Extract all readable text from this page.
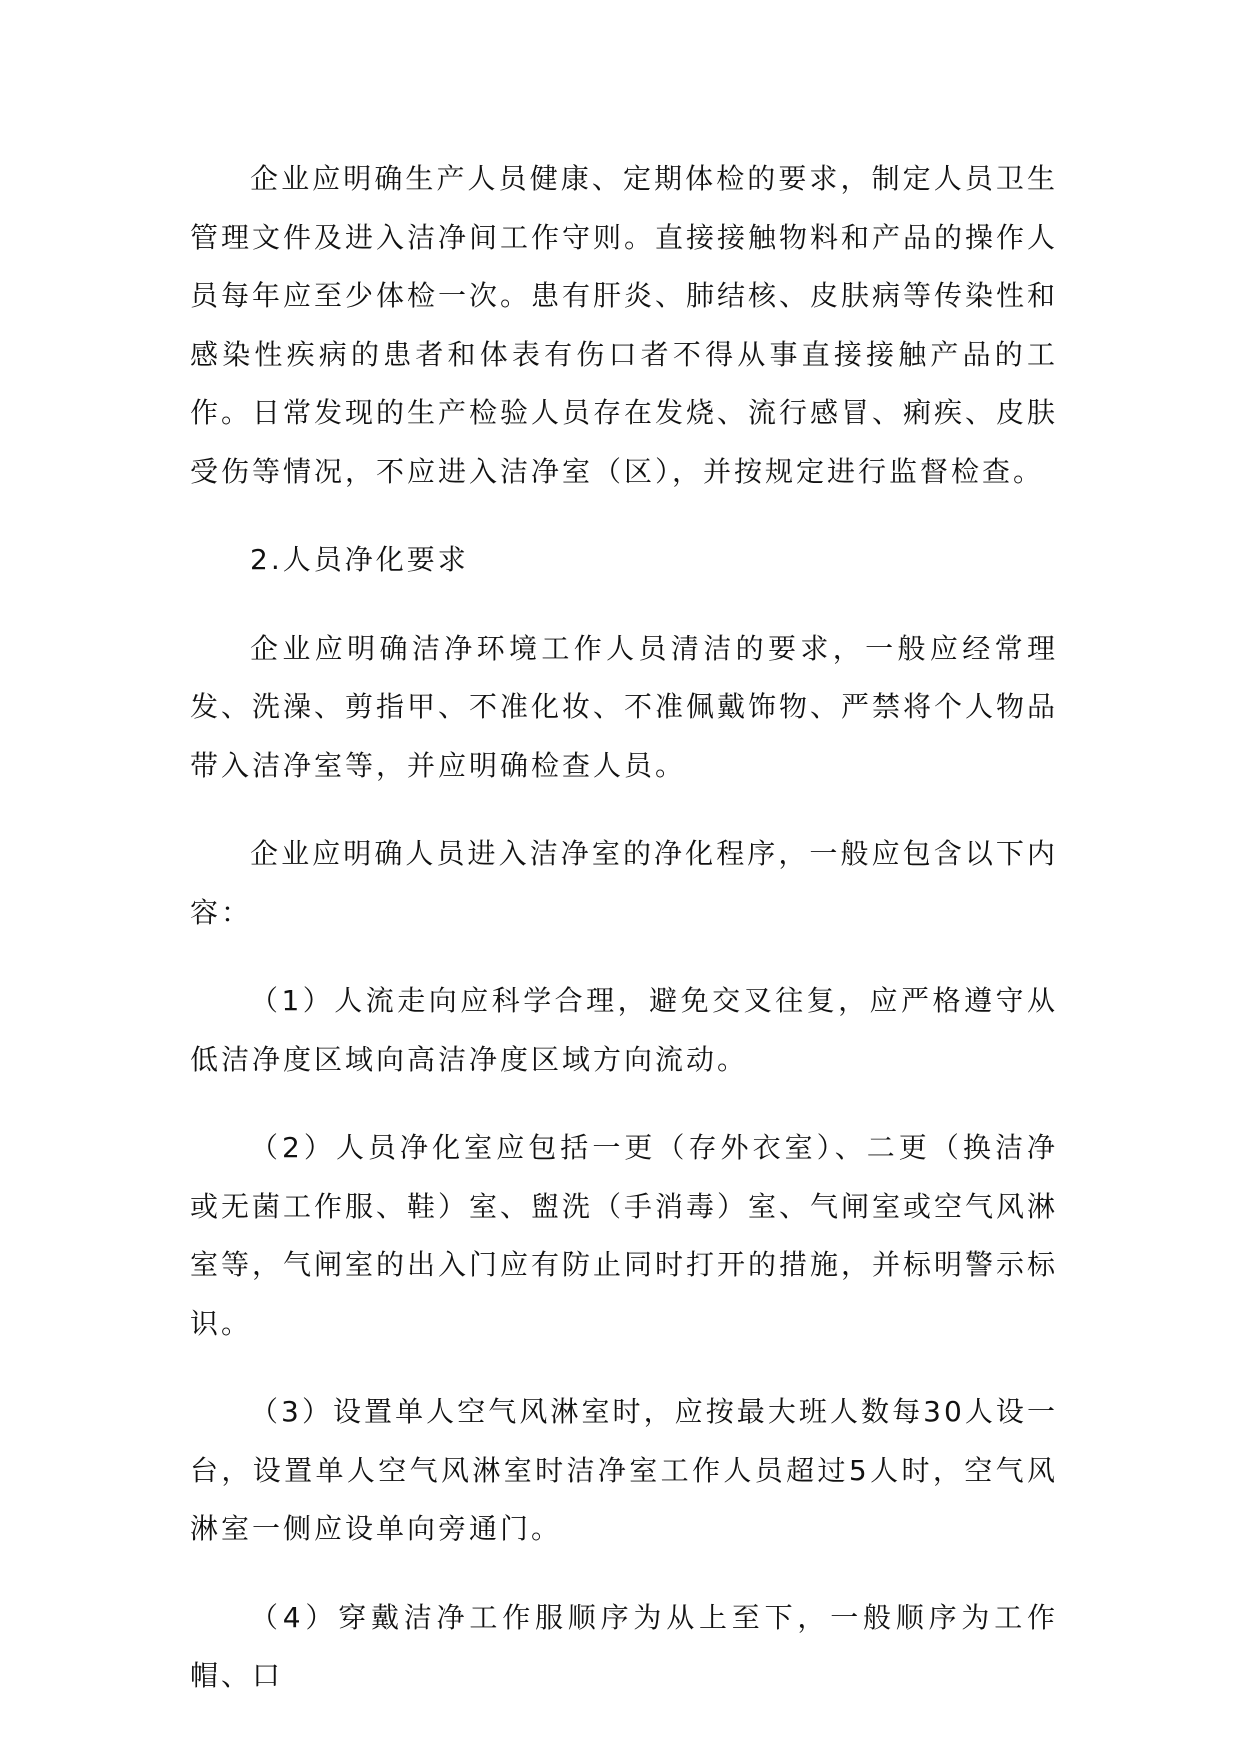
企业应明确生产人员健康、定期体检的要求，制定人员卫生管理文件及进入洁净间工作守则。直接接触物料和产品的操作人员每年应至少体检一次。患有肝炎、肺结核、皮肤病等传染性和感染性疾病的患者和体表有伤口者不得从事直接接触产品的工作。日常发现的生产检验人员存在发烧、流行感冒、痢疾、皮肤受伤等情况，不应进入洁净室（区），并按规定进行监督检查。

2.人员净化要求

企业应明确洁净环境工作人员清洁的要求，一般应经常理发、洗澡、剪指甲、不准化妆、不准佩戴饰物、严禁将个人物品带入洁净室等，并应明确检查人员。

企业应明确人员进入洁净室的净化程序，一般应包含以下内容：

（1）人流走向应科学合理，避免交叉往复，应严格遵守从低洁净度区域向高洁净度区域方向流动。

（2）人员净化室应包括一更（存外衣室）、二更（换洁净或无菌工作服、鞋）室、盥洗（手消毒）室、气闸室或空气风淋室等，气闸室的出入门应有防止同时打开的措施，并标明警示标识。

（3）设置单人空气风淋室时，应按最大班人数每30人设一台，设置单人空气风淋室时洁净室工作人员超过5人时，空气风淋室一侧应设单向旁通门。

（4）穿戴洁净工作服顺序为从上至下，一般顺序为工作帽、口
